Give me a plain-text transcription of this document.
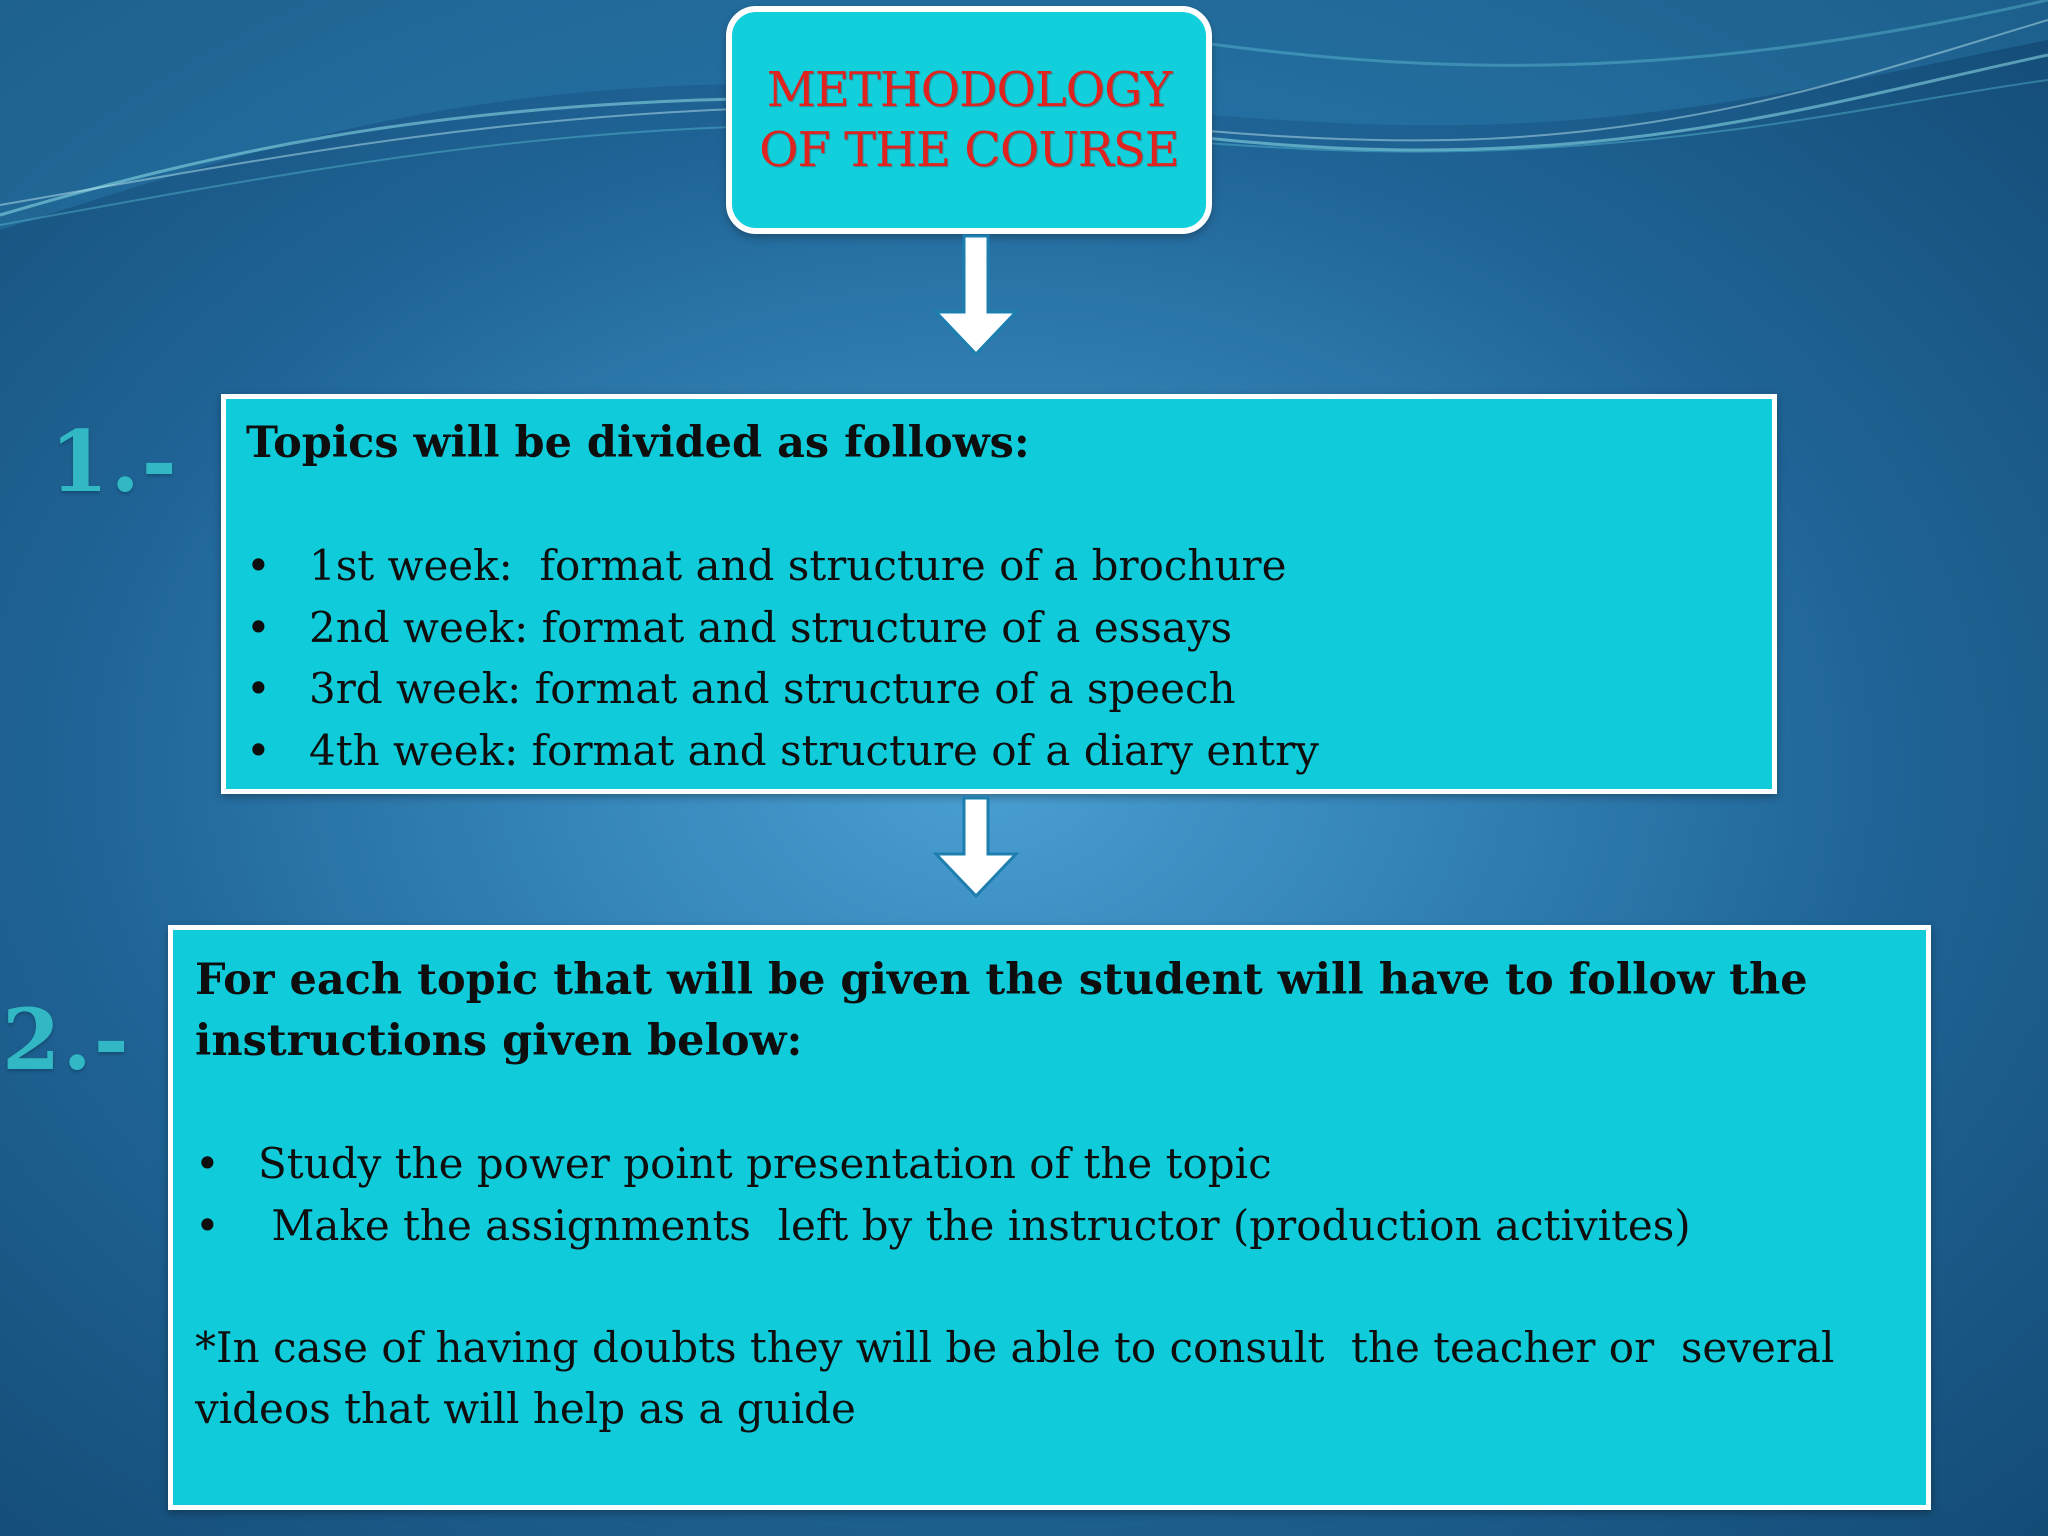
METHODOLOGY
OF THE COURSE
1.- Topics will be divided as follows:
• 1st week:  format and structure of a brochure
• 2nd week: format and structure of a essays
• 3rd week: format and structure of a speech
• 4th week: format and structure of a diary entry
2.-
For each topic that will be given the student will have to follow the instructions given below:
• Study the power point presentation of the topic
• Make the assignments  left by the instructor (production activites)
*In case of having doubts they will be able to consult  the teacher or  several videos that will help as a guide
